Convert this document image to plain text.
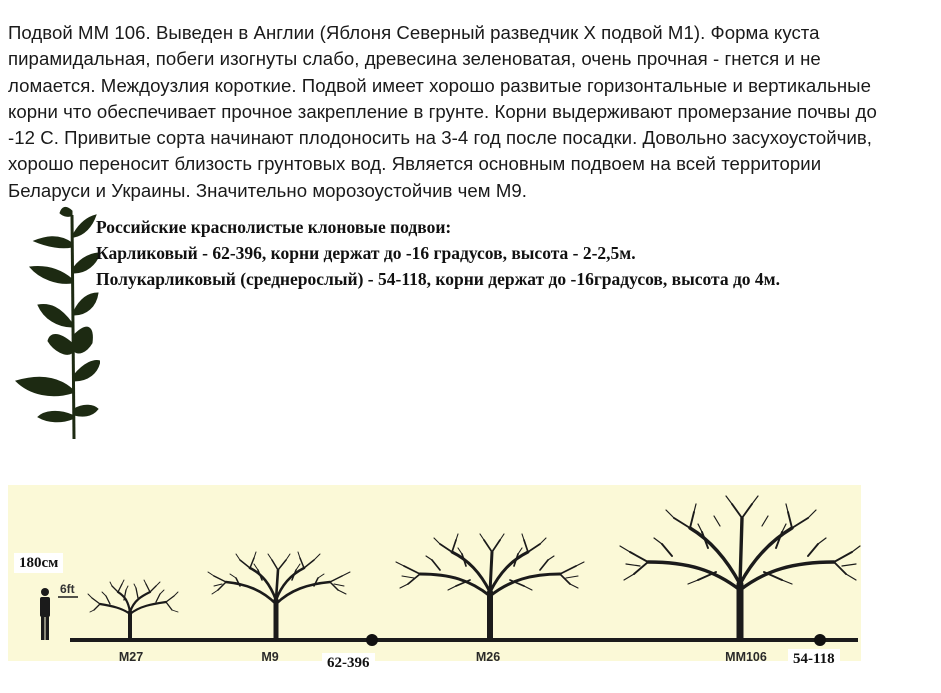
Подвой ММ 106. Выведен в Англии (Яблоня Северный разведчик Х подвой М1). Форма куста
пирамидальная, побеги изогнуты слабо, древесина зеленоватая, очень прочная - гнется и не
ломается. Междоузлия короткие. Подвой имеет хорошо развитые горизонтальные и вертикальные
корни что обеспечивает прочное закрепление в грунте. Корни выдерживают промерзание почвы до
-12 С. Привитые сорта начинают плодоносить на 3-4 год после посадки. Довольно засухоустойчив,
хорошо переносит близость грунтовых вод. Является основным подвоем на всей территории
Беларуси и Украины. Значительно морозоустойчив чем М9.
Российские краснолистые клоновые подвои:
Карликовый - 62-396, корни держат до -16 градусов, высота - 2-2,5м.
Полукарликовый (среднерослый) - 54-118, корни держат до -16градусов, высота до 4м.
6ft
M27	M9	M26	MM106
180см
62-396	54-118
